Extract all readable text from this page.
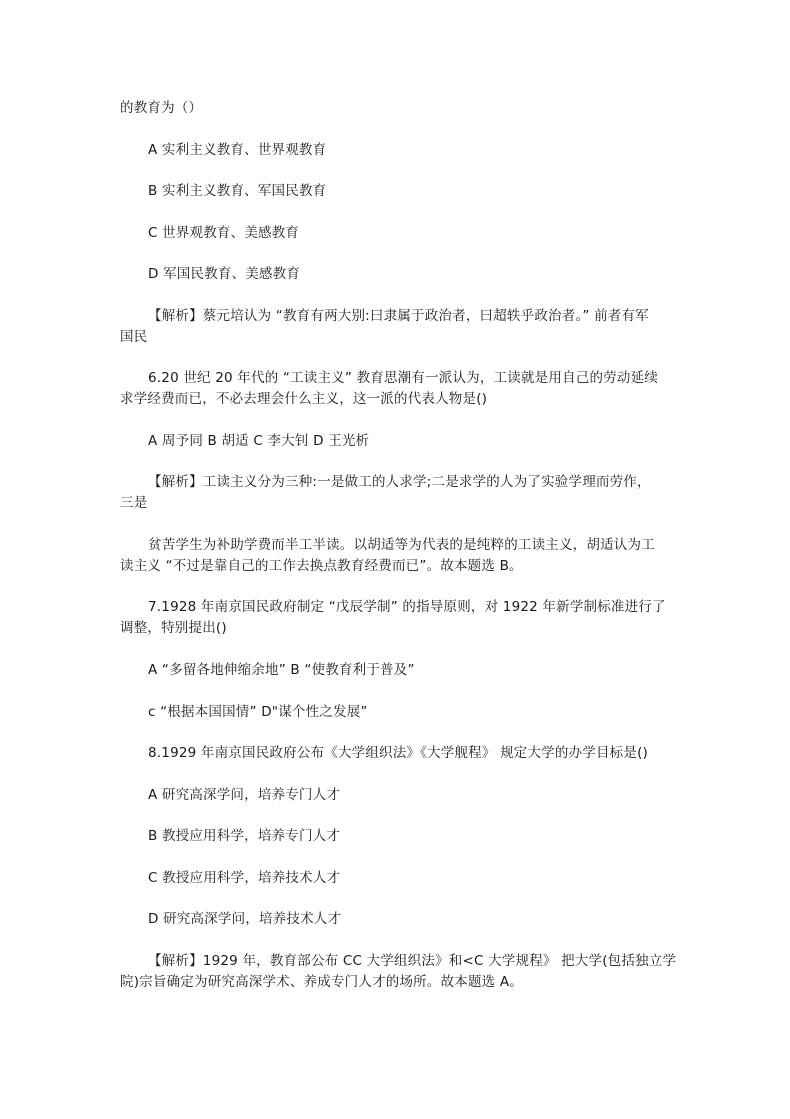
的教育为（）
A 实利主义教育、世界观教育
B 实利主义教育、军国民教育
C 世界观教育、美感教育
D 军国民教育、美感教育
【解析】蔡元培认为 “教育有两大别:曰隶属于政治者，曰超轶乎政治者。” 前者有军
国民
6.20 世纪 20 年代的 “工读主义” 教育思潮有一派认为，工读就是用自己的劳动延续
求学经费而已，不必去理会什么主义，这一派的代表人物是()
A 周予同 B 胡适 C 李大钊 D 王光析
【解析】工读主义分为三种:一是做工的人求学;二是求学的人为了实验学理而劳作，
三是
贫苦学生为补助学费而半工半读。以胡适等为代表的是纯粹的工读主义，胡适认为工
读主义 “不过是靠自己的工作去换点教育经费而已”。故本题选 B。
7.1928 年南京国民政府制定 “戊辰学制” 的指导原则，对 1922 年新学制标准进行了
调整，特别提出()
A “多留各地伸缩余地” B “使教育利于普及”
c “根据本国国情” D"谋个性之发展”
8.1929 年南京国民政府公布《大学组织法》《大学舰程》 规定大学的办学目标是()
A 研究高深学问，培养专门人才
B 教授应用科学，培养专门人才
C 教授应用科学，培养技术人才
D 研究高深学问，培养技术人才
【解析】1929 年，教育部公布 CC 大学组织法》和<C 大学规程》 把大学(包括独立学
院)宗旨确定为研究高深学术、养成专门人才的场所。故本题选 A。
